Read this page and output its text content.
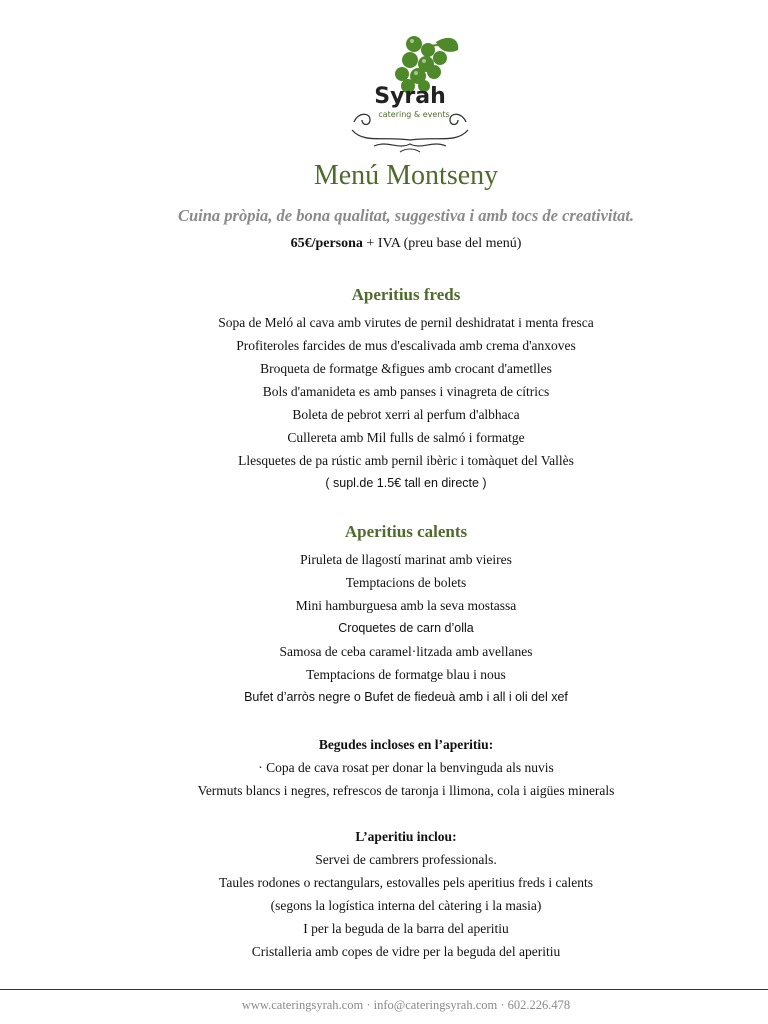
Syrah
catering & events
Menú Montseny
Cuina pròpia, de bona qualitat, suggestiva i amb tocs de creativitat.
65€/persona + IVA (preu base del menú)
Aperitius freds
Sopa de Meló al cava amb virutes de pernil deshidratat i menta fresca
Profiteroles farcides de mus d'escalivada amb crema d'anxoves
Broqueta de formatge &figues amb crocant d'ametlles
Bols d'amanideta es amb panses i vinagreta de cítrics
Boleta de pebrot xerri al perfum d'albhaca
Cullereta amb Mil fulls de salmó i formatge
Llesquetes de pa rústic amb pernil ibèric i tomàquet del Vallès
( supl.de 1.5€ tall en directe )
Aperitius calents
Piruleta de llagostí marinat amb vieires
Temptacions de bolets
Mini hamburguesa amb la seva mostassa
Croquetes de carn d’olla
Samosa de ceba caramel·litzada amb avellanes
Temptacions de formatge blau i nous
Bufet d’arròs negre o Bufet de fiedeuà amb i all i oli del xef
Begudes incloses en l’aperitiu:
· Copa de cava rosat per donar la benvinguda als nuvis
Vermuts blancs i negres, refrescos de taronja i llimona, cola i aigües minerals
L’aperitiu inclou:
Servei de cambrers professionals.
Taules rodones o rectangulars, estovalles pels aperitius freds i calents
(segons la logística interna del càtering i la masia)
I per la beguda de la barra del aperitiu
Cristalleria amb copes de vidre per la beguda del aperitiu
www.cateringsyrah.com · info@cateringsyrah.com · 602.226.478
